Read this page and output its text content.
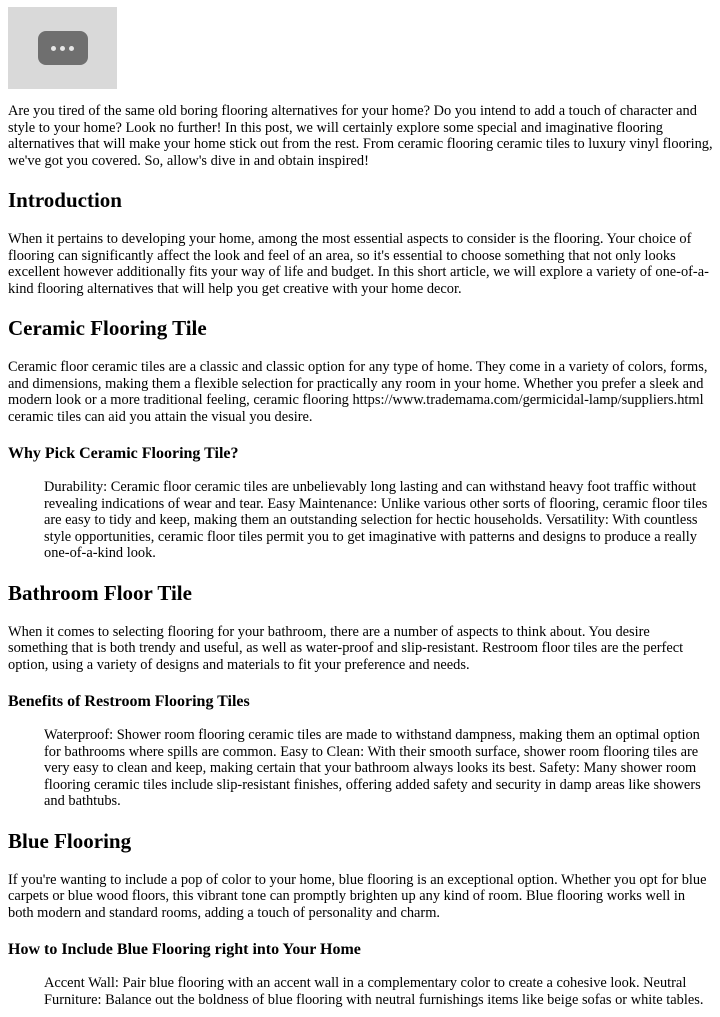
Are you tired of the same old boring flooring alternatives for your home? Do you intend to add a touch of character and style to your home? Look no further! In this post, we will certainly explore some special and imaginative flooring alternatives that will make your home stick out from the rest. From ceramic flooring ceramic tiles to luxury vinyl flooring, we've got you covered. So, allow's dive in and obtain inspired!

Introduction

When it pertains to developing your home, among the most essential aspects to consider is the flooring. Your choice of flooring can significantly affect the look and feel of an area, so it's essential to choose something that not only looks excellent however additionally fits your way of life and budget. In this short article, we will explore a variety of one-of-a-kind flooring alternatives that will help you get creative with your home decor.

Ceramic Flooring Tile

Ceramic floor ceramic tiles are a classic and classic option for any type of home. They come in a variety of colors, forms, and dimensions, making them a flexible selection for practically any room in your home. Whether you prefer a sleek and modern look or a more traditional feeling, ceramic flooring https://www.trademama.com/germicidal-lamp/suppliers.html ceramic tiles can aid you attain the visual you desire.

Why Pick Ceramic Flooring Tile?
Durability: Ceramic floor ceramic tiles are unbelievably long lasting and can withstand heavy foot traffic without revealing indications of wear and tear. Easy Maintenance: Unlike various other sorts of flooring, ceramic floor tiles are easy to tidy and keep, making them an outstanding selection for hectic households. Versatility: With countless style opportunities, ceramic floor tiles permit you to get imaginative with patterns and designs to produce a really one-of-a-kind look.
Bathroom Floor Tile

When it comes to selecting flooring for your bathroom, there are a number of aspects to think about. You desire something that is both trendy and useful, as well as water-proof and slip-resistant. Restroom floor tiles are the perfect option, using a variety of designs and materials to fit your preference and needs.

Benefits of Restroom Flooring Tiles
Waterproof: Shower room flooring ceramic tiles are made to withstand dampness, making them an optimal option for bathrooms where spills are common. Easy to Clean: With their smooth surface, shower room flooring tiles are very easy to clean and keep, making certain that your bathroom always looks its best. Safety: Many shower room flooring ceramic tiles include slip-resistant finishes, offering added safety and security in damp areas like showers and bathtubs.
Blue Flooring

If you're wanting to include a pop of color to your home, blue flooring is an exceptional option. Whether you opt for blue carpets or blue wood floors, this vibrant tone can promptly brighten up any kind of room. Blue flooring works well in both modern and standard rooms, adding a touch of personality and charm.

How to Include Blue Flooring right into Your Home
Accent Wall: Pair blue flooring with an accent wall in a complementary color to create a cohesive look. Neutral Furniture: Balance out the boldness of blue flooring with neutral furnishings items like beige sofas or white tables.
